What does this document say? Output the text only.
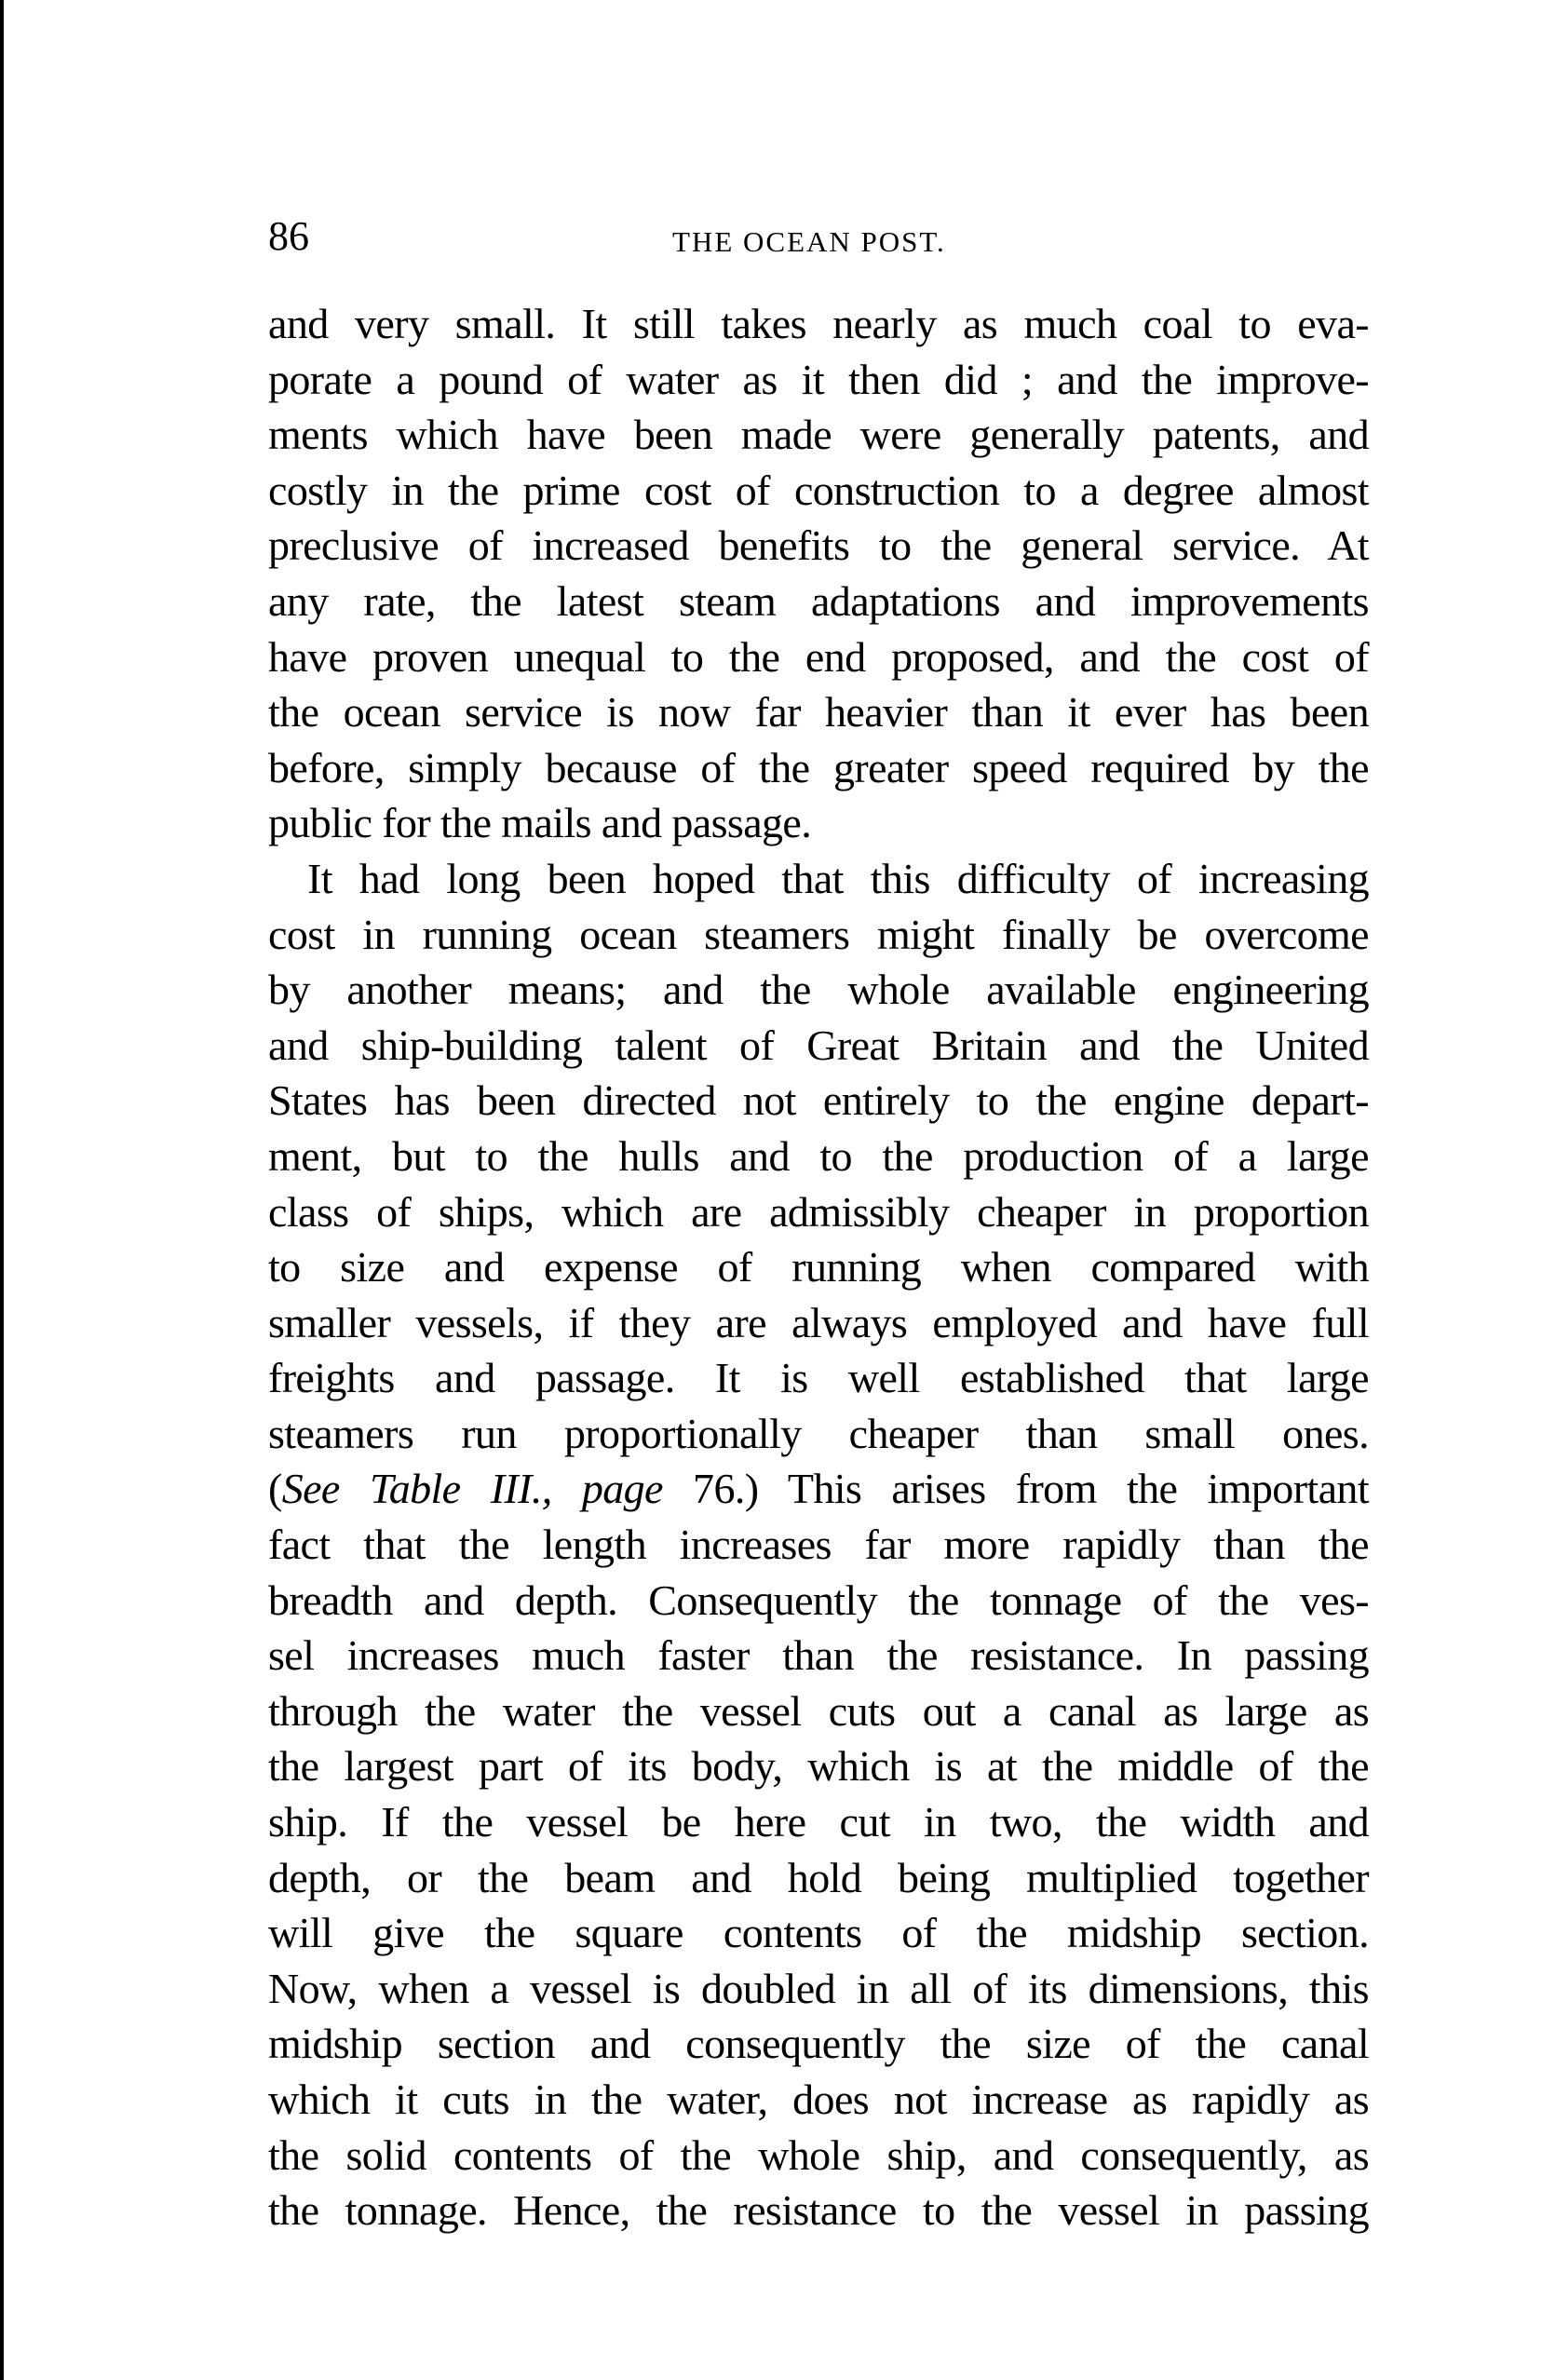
86	THE OCEAN POST.
and very small. It still takes nearly as much coal to eva-
porate a pound of water as it then did ; and the improve-
ments which have been made were generally patents, and
costly in the prime cost of construction to a degree almost
preclusive of increased benefits to the general service. At
any rate, the latest steam adaptations and improvements
have proven unequal to the end proposed, and the cost of
the ocean service is now far heavier than it ever has been
before, simply because of the greater speed required by the
public for the mails and passage.
It had long been hoped that this difficulty of increasing
cost in running ocean steamers might finally be overcome
by another means; and the whole available engineering
and ship-building talent of Great Britain and the United
States has been directed not entirely to the engine depart-
ment, but to the hulls and to the production of a large
class of ships, which are admissibly cheaper in proportion
to size and expense of running when compared with
smaller vessels, if they are always employed and have full
freights and passage. It is well established that large
steamers run proportionally cheaper than small ones.
(See Table III., page 76.) This arises from the important
fact that the length increases far more rapidly than the
breadth and depth. Consequently the tonnage of the ves-
sel increases much faster than the resistance. In passing
through the water the vessel cuts out a canal as large as
the largest part of its body, which is at the middle of the
ship. If the vessel be here cut in two, the width and
depth, or the beam and hold being multiplied together
will give the square contents of the midship section.
Now, when a vessel is doubled in all of its dimensions, this
midship section and consequently the size of the canal
which it cuts in the water, does not increase as rapidly as
the solid contents of the whole ship, and consequently, as
the tonnage. Hence, the resistance to the vessel in passing
